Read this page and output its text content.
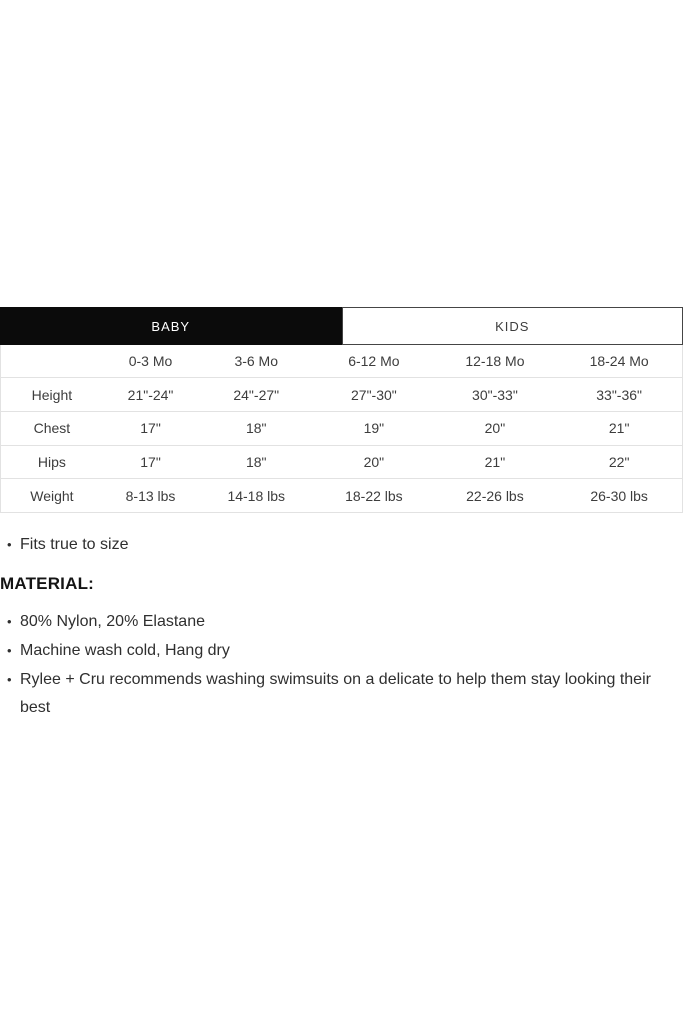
BABY	KIDS
	0-3 Mo	3-6 Mo	6-12 Mo	12-18 Mo	18-24 Mo
Height	21"-24"	24"-27"	27"-30"	30"-33"	33"-36"
Chest	17"	18"	19"	20"	21"
Hips	17"	18"	20"	21"	22"
Weight	8-13 lbs	14-18 lbs	18-22 lbs	22-26 lbs	26-30 lbs
• Fits true to size
MATERIAL:
• 80% Nylon, 20% Elastane
• Machine wash cold, Hang dry
• Rylee + Cru recommends washing swimsuits on a delicate to help them stay looking their best
